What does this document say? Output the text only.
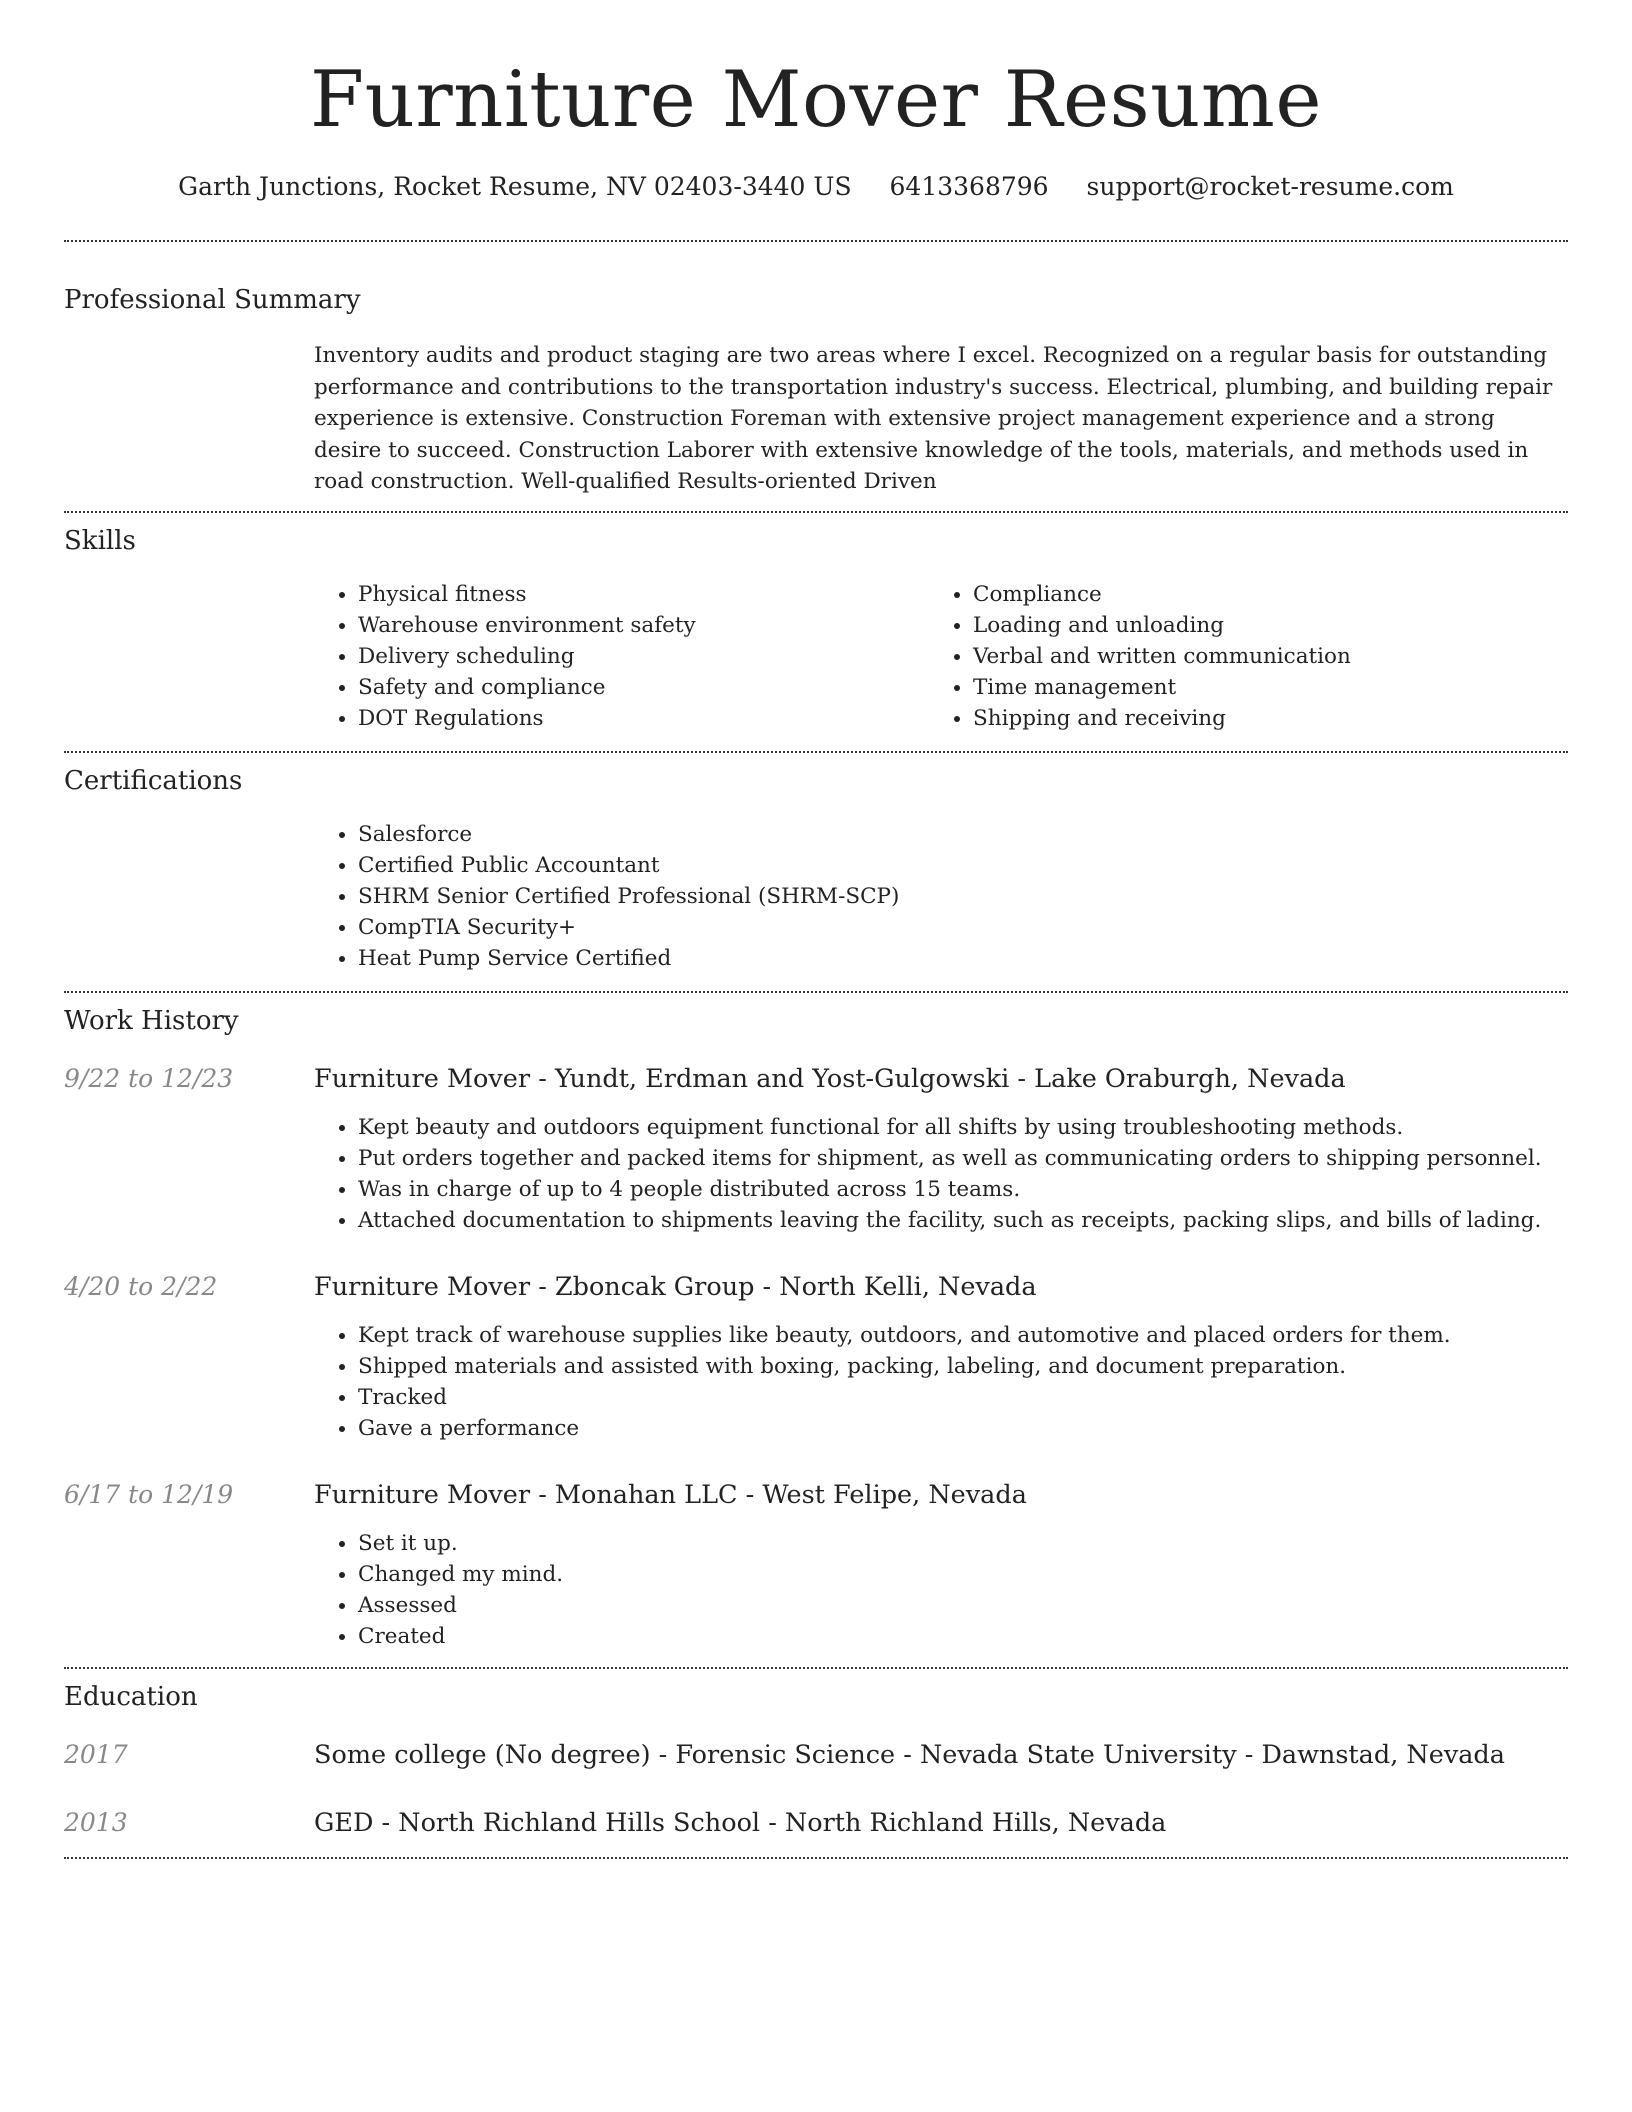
Furniture Mover Resume
Garth Junctions, Rocket Resume, NV 02403-3440 US 6413368796 support@rocket-resume.com
Professional Summary
Inventory audits and product staging are two areas where I excel. Recognized on a regular basis for outstanding performance and contributions to the transportation industry's success. Electrical, plumbing, and building repair experience is extensive. Construction Foreman with extensive project management experience and a strong desire to succeed. Construction Laborer with extensive knowledge of the tools, materials, and methods used in road construction. Well-qualified Results-oriented Driven
Skills
• Physical fitness
• Warehouse environment safety
• Delivery scheduling
• Safety and compliance
• DOT Regulations
• Compliance
• Loading and unloading
• Verbal and written communication
• Time management
• Shipping and receiving
Certifications
• Salesforce
• Certified Public Accountant
• SHRM Senior Certified Professional (SHRM-SCP)
• CompTIA Security+
• Heat Pump Service Certified
Work History
9/22 to 12/23	Furniture Mover - Yundt, Erdman and Yost-Gulgowski - Lake Oraburgh, Nevada
• Kept beauty and outdoors equipment functional for all shifts by using troubleshooting methods.
• Put orders together and packed items for shipment, as well as communicating orders to shipping personnel.
• Was in charge of up to 4 people distributed across 15 teams.
• Attached documentation to shipments leaving the facility, such as receipts, packing slips, and bills of lading.
4/20 to 2/22	Furniture Mover - Zboncak Group - North Kelli, Nevada
• Kept track of warehouse supplies like beauty, outdoors, and automotive and placed orders for them.
• Shipped materials and assisted with boxing, packing, labeling, and document preparation.
• Tracked
• Gave a performance
6/17 to 12/19	Furniture Mover - Monahan LLC - West Felipe, Nevada
• Set it up.
• Changed my mind.
• Assessed
• Created
Education
2017	Some college (No degree) - Forensic Science - Nevada State University - Dawnstad, Nevada
2013	GED - North Richland Hills School - North Richland Hills, Nevada
